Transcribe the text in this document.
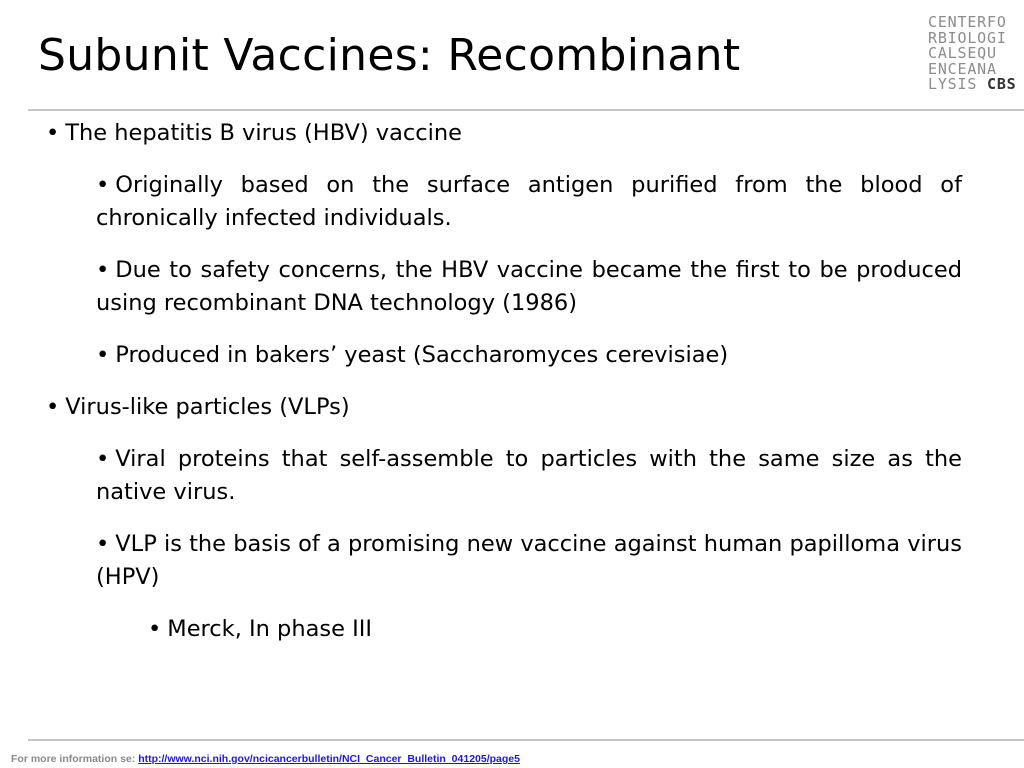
Subunit Vaccines: Recombinant
CENTERFO
RBIOLOGI
CALSEQU
ENCEANA
LYSIS CBS

• The hepatitis B virus (HBV) vaccine

• Originally based on the surface antigen purified from the blood of chronically infected individuals.

• Due to safety concerns, the HBV vaccine became the first to be produced using recombinant DNA technology (1986)

• Produced in bakers’ yeast (Saccharomyces cerevisiae)

• Virus-like particles (VLPs)

• Viral proteins that self-assemble to particles with the same size as the native virus.

• VLP is the basis of a promising new vaccine against human papilloma virus (HPV)

• Merck, In phase III

For more information se: http://www.nci.nih.gov/ncicancerbulletin/NCI_Cancer_Bulletin_041205/page5
